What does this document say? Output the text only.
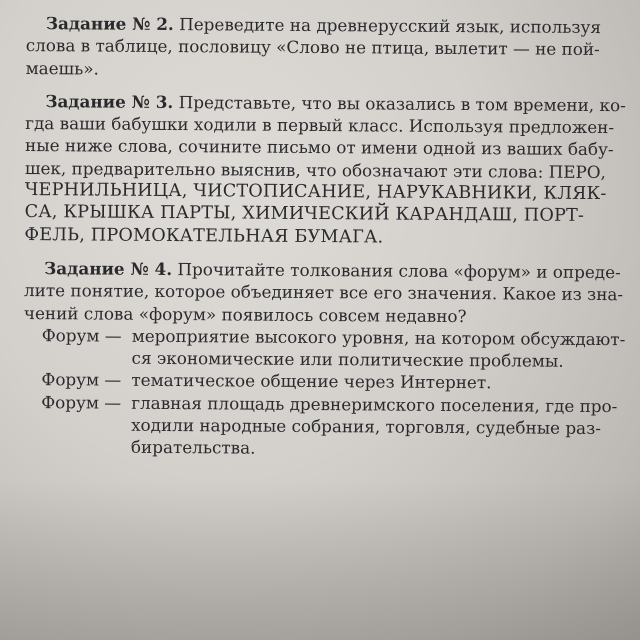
Задание № 2. Переведите на древнерусский язык, используя
слова в таблице, пословицу «Слово не птица, вылетит — не пой-
маешь».
Задание № 3. Представьте, что вы оказались в том времени, ко-
гда ваши бабушки ходили в первый класс. Используя предложен-
ные ниже слова, сочините письмо от имени одной из ваших бабу-
шек, предварительно выяснив, что обозначают эти слова: ПЕРО,
ЧЕРНИЛЬНИЦА, ЧИСТОПИСАНИЕ, НАРУКАВНИКИ, КЛЯК-
СА, КРЫШКА ПАРТЫ, ХИМИЧЕСКИЙ КАРАНДАШ, ПОРТ-
ФЕЛЬ, ПРОМОКАТЕЛЬНАЯ БУМАГА.
Задание № 4. Прочитайте толкования слова «форум» и опреде-
лите понятие, которое объединяет все его значения. Какое из зна-
чений слова «форум» появилось совсем недавно?
Форум — мероприятие высокого уровня, на котором обсуждают-
ся экономические или политические проблемы.
Форум — тематическое общение через Интернет.
Форум — главная площадь древнеримского поселения, где про-
ходили народные собрания, торговля, судебные раз-
бирательства.
